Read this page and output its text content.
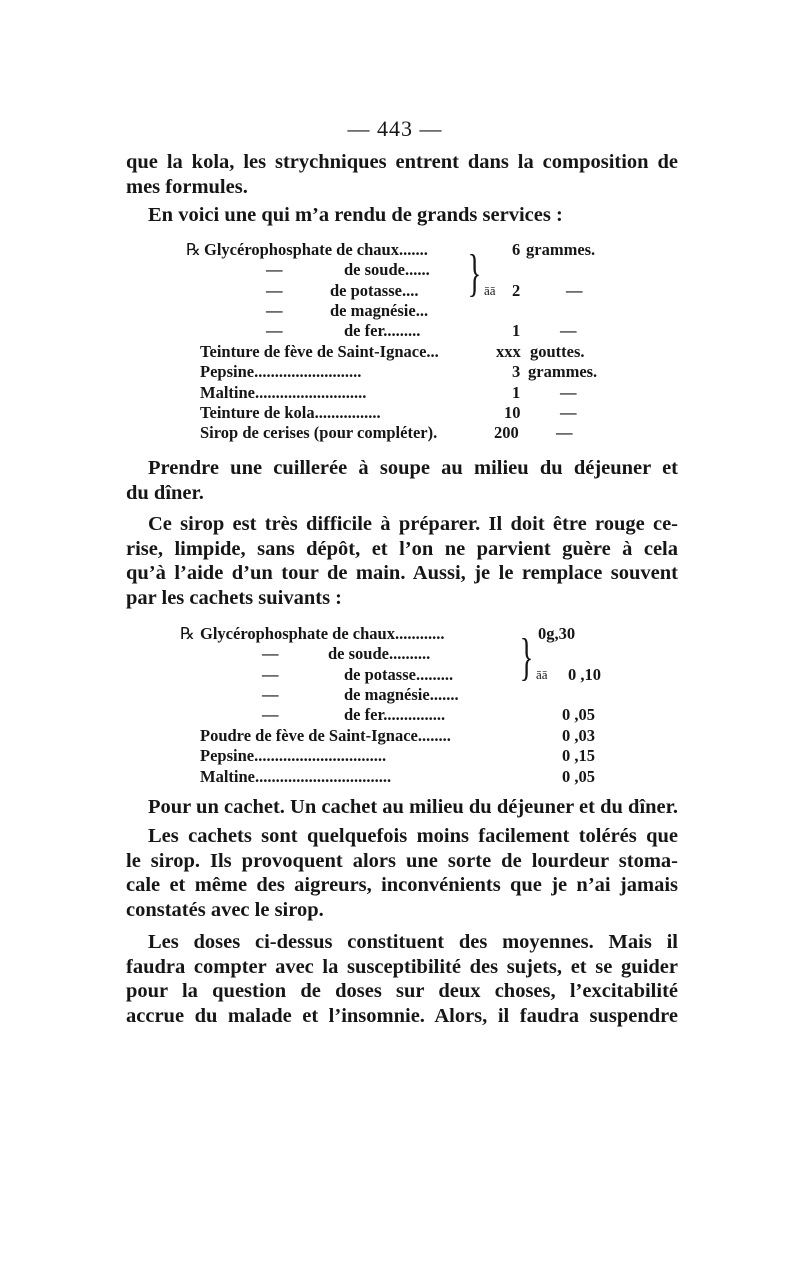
— 443 —
que la kola, les strychniques entrent dans la composition de
mes formules.
En voici une qui m’a rendu de grands services :
℞ Glycérophosphate de chaux.......	6 grammes.
—	de soude......
—	de potasse....	2	—
—	de magnésie...
} āā
—	de fer.........	1 —
Teinture de fève de Saint-Ignace...	xxx gouttes.
Pepsine..........................	3 grammes.
Maltine...........................	1 —
Teinture de kola................	10 —
Sirop de cerises (pour compléter).	200 —
Prendre une cuillerée à soupe au milieu du déjeuner et
du dîner.
Ce sirop est très difficile à préparer. Il doit être rouge ce-
rise, limpide, sans dépôt, et l’on ne parvient guère à cela
qu’à l’aide d’un tour de main. Aussi, je le remplace souvent
par les cachets suivants :
℞ Glycérophosphate de chaux............	0g,30
—	de soude..........
—	de potasse.........	0 ,10
—	de magnésie.......
} āā
—	de fer...............	0 ,05
Poudre de fève de Saint-Ignace........	0 ,03
Pepsine................................	0 ,15
Maltine.................................	0 ,05
Pour un cachet. Un cachet au milieu du déjeuner et du dîner.
Les cachets sont quelquefois moins facilement tolérés que
le sirop. Ils provoquent alors une sorte de lourdeur stoma-
cale et même des aigreurs, inconvénients que je n’ai jamais
constatés avec le sirop.
Les doses ci-dessus constituent des moyennes. Mais il
faudra compter avec la susceptibilité des sujets, et se guider
pour la question de doses sur deux choses, l’excitabilité
accrue du malade et l’insomnie. Alors, il faudra suspendre
